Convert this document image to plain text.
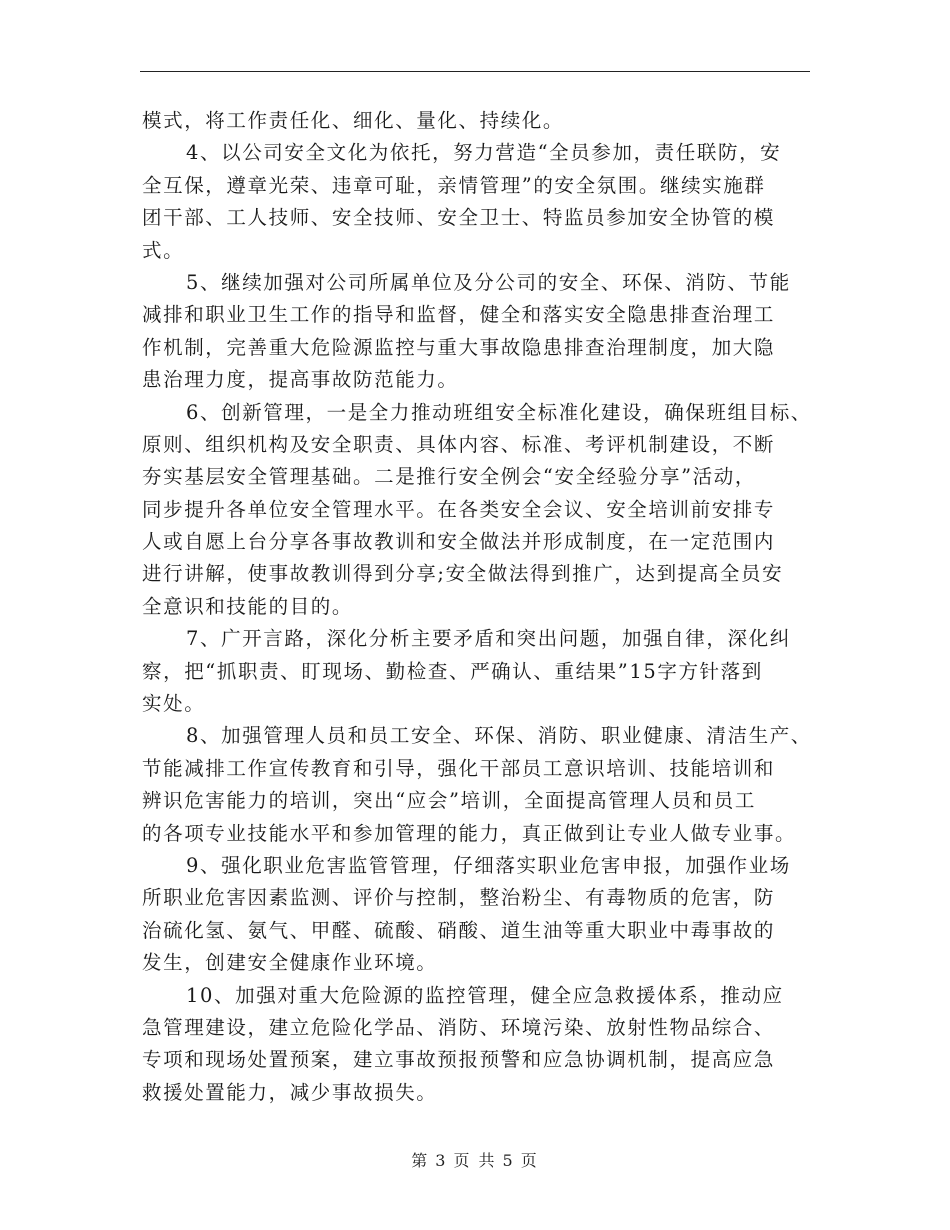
模式，将工作责任化、细化、量化、持续化。
4、以公司安全文化为依托，努力营造“全员参加，责任联防，安
全互保，遵章光荣、违章可耻，亲情管理”的安全氛围。继续实施群
团干部、工人技师、安全技师、安全卫士、特监员参加安全协管的模
式。
5、继续加强对公司所属单位及分公司的安全、环保、消防、节能
减排和职业卫生工作的指导和监督，健全和落实安全隐患排查治理工
作机制，完善重大危险源监控与重大事故隐患排查治理制度，加大隐
患治理力度，提高事故防范能力。
6、创新管理，一是全力推动班组安全标准化建设，确保班组目标、
原则、组织机构及安全职责、具体内容、标准、考评机制建设，不断
夯实基层安全管理基础。二是推行安全例会“安全经验分享”活动，
同步提升各单位安全管理水平。在各类安全会议、安全培训前安排专
人或自愿上台分享各事故教训和安全做法并形成制度，在一定范围内
进行讲解，使事故教训得到分享;安全做法得到推广，达到提高全员安
全意识和技能的目的。
7、广开言路，深化分析主要矛盾和突出问题，加强自律，深化纠
察，把“抓职责、盯现场、勤检查、严确认、重结果”15字方针落到
实处。
8、加强管理人员和员工安全、环保、消防、职业健康、清洁生产、
节能减排工作宣传教育和引导，强化干部员工意识培训、技能培训和
辨识危害能力的培训，突出“应会”培训，全面提高管理人员和员工
的各项专业技能水平和参加管理的能力，真正做到让专业人做专业事。
9、强化职业危害监管管理，仔细落实职业危害申报，加强作业场
所职业危害因素监测、评价与控制，整治粉尘、有毒物质的危害，防
治硫化氢、氨气、甲醛、硫酸、硝酸、道生油等重大职业中毒事故的
发生，创建安全健康作业环境。
10、加强对重大危险源的监控管理，健全应急救援体系，推动应
急管理建设，建立危险化学品、消防、环境污染、放射性物品综合、
专项和现场处置预案，建立事故预报预警和应急协调机制，提高应急
救援处置能力，减少事故损失。
第 3 页 共 5 页
